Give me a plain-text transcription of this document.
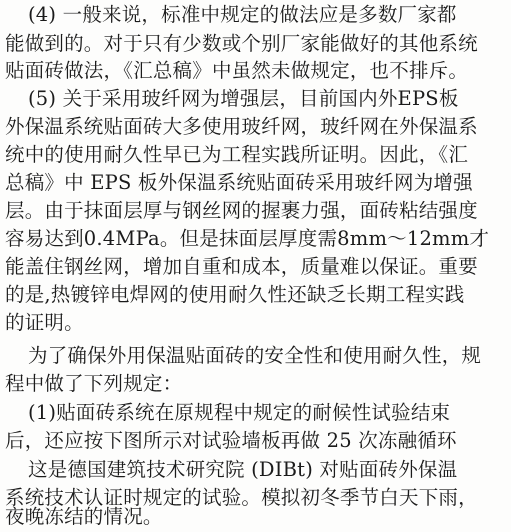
(4) 一般来说，标准中规定的做法应是多数厂家都
能做到的。对于只有少数或个别厂家能做好的其他系统
贴面砖做法，《汇总稿》中虽然未做规定，也不排斥。
(5) 关于采用玻纤网为增强层，目前国内外EPS板
外保温系统贴面砖大多使用玻纤网，玻纤网在外保温系
统中的使用耐久性早已为工程实践所证明。因此，《汇
总稿》中 EPS 板外保温系统贴面砖采用玻纤网为增强
层。由于抹面层厚与钢丝网的握裹力强，面砖粘结强度
容易达到0.4MPa。但是抹面层厚度需8mm～12mm才
能盖住钢丝网，增加自重和成本，质量难以保证。重要
的是,热镀锌电焊网的使用耐久性还缺乏长期工程实践
的证明。
为了确保外用保温贴面砖的安全性和使用耐久性，规
程中做了下列规定：
(1)贴面砖系统在原规程中规定的耐候性试验结束
后，还应按下图所示对试验墙板再做 25 次冻融循环
这是德国建筑技术研究院 (DIBt) 对贴面砖外保温
系统技术认证时规定的试验。模拟初冬季节白天下雨，
夜晚冻结的情况。
